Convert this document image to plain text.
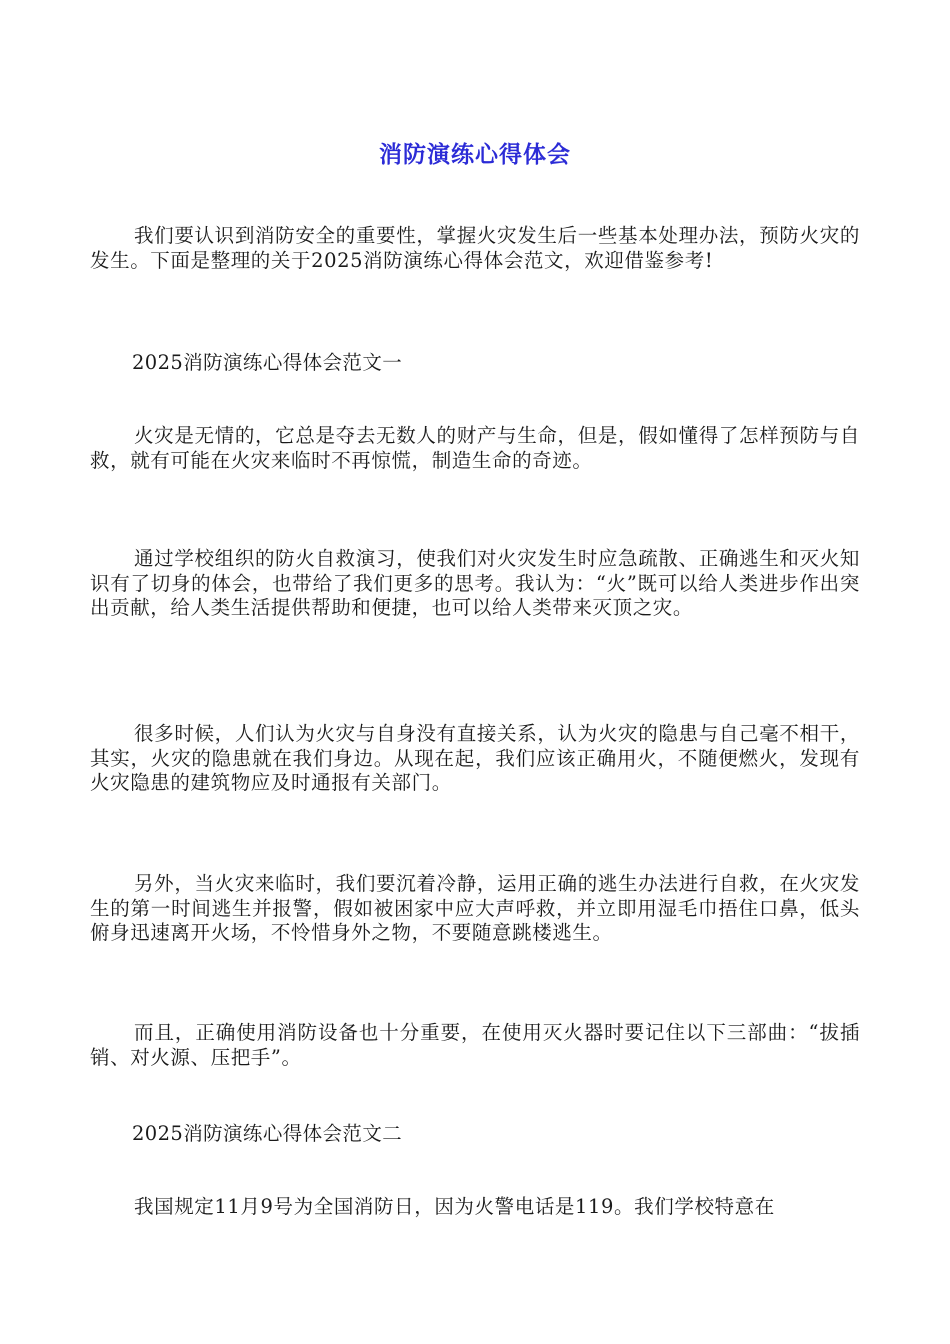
消防演练心得体会

我们要认识到消防安全的重要性，掌握火灾发生后一些基本处理办法，预防火灾的发生。下面是整理的关于2025消防演练心得体会范文，欢迎借鉴参考!

2025消防演练心得体会范文一

火灾是无情的，它总是夺去无数人的财产与生命，但是，假如懂得了怎样预防与自救，就有可能在火灾来临时不再惊慌，制造生命的奇迹。

通过学校组织的防火自救演习，使我们对火灾发生时应急疏散、正确逃生和灭火知识有了切身的体会，也带给了我们更多的思考。我认为：“火”既可以给人类进步作出突出贡献，给人类生活提供帮助和便捷，也可以给人类带来灭顶之灾。

很多时候，人们认为火灾与自身没有直接关系，认为火灾的隐患与自己毫不相干，其实，火灾的隐患就在我们身边。从现在起，我们应该正确用火，不随便燃火，发现有火灾隐患的建筑物应及时通报有关部门。

另外，当火灾来临时，我们要沉着冷静，运用正确的逃生办法进行自救，在火灾发生的第一时间逃生并报警，假如被困家中应大声呼救，并立即用湿毛巾捂住口鼻，低头俯身迅速离开火场，不怜惜身外之物，不要随意跳楼逃生。

而且，正确使用消防设备也十分重要，在使用灭火器时要记住以下三部曲：“拔插销、对火源、压把手”。

2025消防演练心得体会范文二

我国规定11月9号为全国消防日，因为火警电话是119。我们学校特意在
